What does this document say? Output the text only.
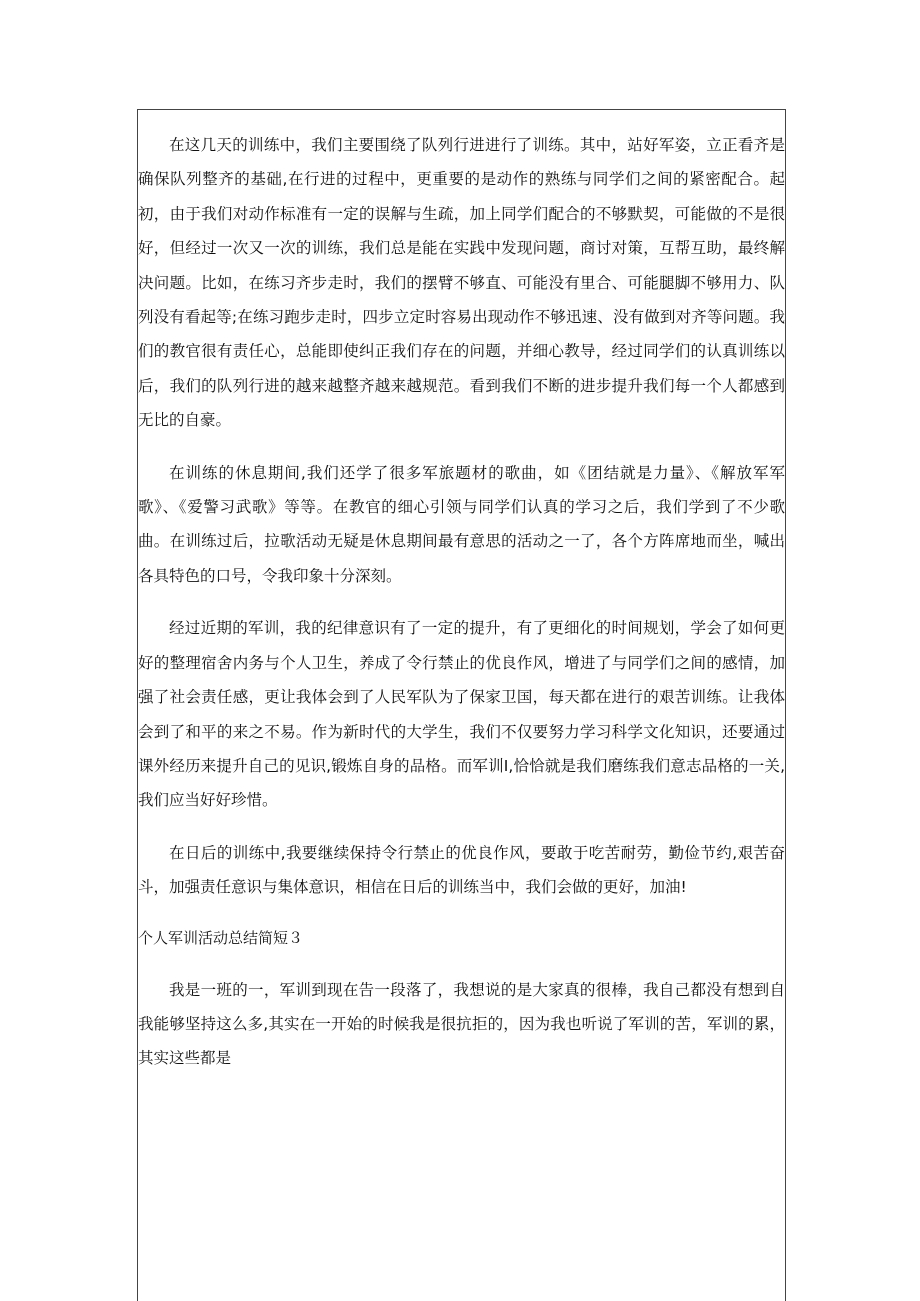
在这几天的训练中，我们主要围绕了队列行进进行了训练。其中，站好军姿，立正看齐是确保队列整齐的基础,在行进的过程中，更重要的是动作的熟练与同学们之间的紧密配合。起初，由于我们对动作标准有一定的误解与生疏，加上同学们配合的不够默契，可能做的不是很好，但经过一次又一次的训练，我们总是能在实践中发现问题，商讨对策，互帮互助，最终解决问题。比如，在练习齐步走时，我们的摆臂不够直、可能没有里合、可能腿脚不够用力、队列没有看起等;在练习跑步走时，四步立定时容易出现动作不够迅速、没有做到对齐等问题。我们的教官很有责任心，总能即使纠正我们存在的问题，并细心教导，经过同学们的认真训练以后，我们的队列行进的越来越整齐越来越规范。看到我们不断的进步提升我们每一个人都感到无比的自豪。

在训练的休息期间,我们还学了很多军旅题材的歌曲，如《团结就是力量》、《解放军军歌》、《爱警习武歌》等等。在教官的细心引领与同学们认真的学习之后，我们学到了不少歌曲。在训练过后，拉歌活动无疑是休息期间最有意思的活动之一了，各个方阵席地而坐，喊出各具特色的口号，令我印象十分深刻。

经过近期的军训，我的纪律意识有了一定的提升，有了更细化的时间规划，学会了如何更好的整理宿舍内务与个人卫生，养成了令行禁止的优良作风，增进了与同学们之间的感情，加强了社会责任感，更让我体会到了人民军队为了保家卫国，每天都在进行的艰苦训练。让我体会到了和平的来之不易。作为新时代的大学生，我们不仅要努力学习科学文化知识，还要通过课外经历来提升自己的见识,锻炼自身的品格。而军训I,恰恰就是我们磨练我们意志品格的一关,我们应当好好珍惜。

在日后的训练中,我要继续保持令行禁止的优良作风，要敢于吃苦耐劳，勤俭节约,艰苦奋斗，加强责任意识与集体意识，相信在日后的训练当中，我们会做的更好，加油!

个人军训活动总结简短３

我是一班的一，军训到现在告一段落了，我想说的是大家真的很棒，我自己都没有想到自我能够坚持这么多,其实在一开始的时候我是很抗拒的，因为我也听说了军训的苦，军训的累，其实这些都是
